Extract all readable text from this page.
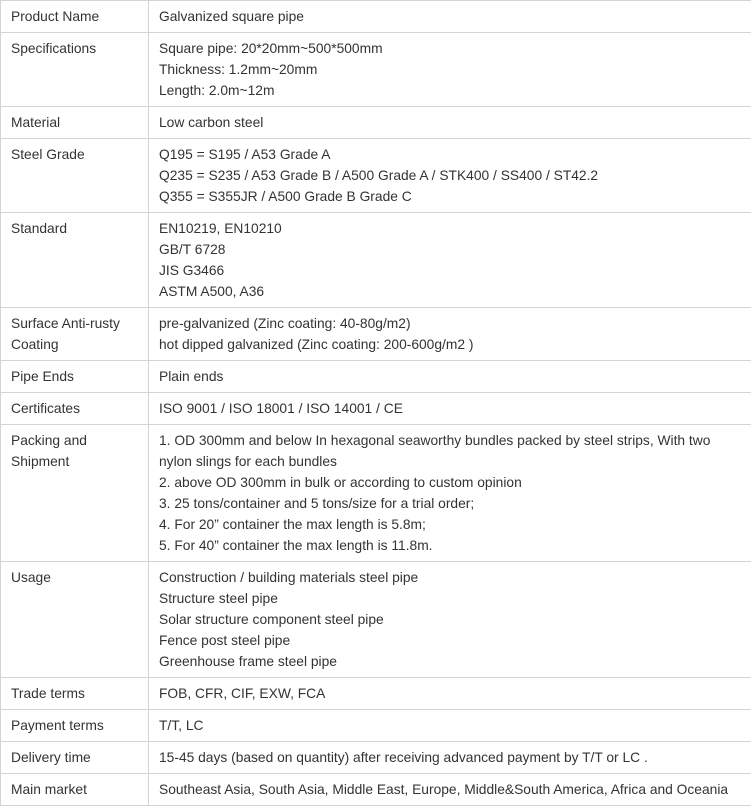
Product Name	Galvanized square pipe

Specifications	Square pipe: 20*20mm~500*500mm
Thickness: 1.2mm~20mm
Length: 2.0m~12m

Material	Low carbon steel

Steel Grade	Q195 = S195 / A53 Grade A
Q235 = S235 / A53 Grade B / A500 Grade A / STK400 / SS400 / ST42.2
Q355 = S355JR / A500 Grade B Grade C

Standard	EN10219, EN10210
GB/T 6728
JIS G3466
ASTM A500, A36

Surface Anti-rusty Coating	pre-galvanized (Zinc coating: 40-80g/m2)
hot dipped galvanized (Zinc coating: 200-600g/m2 )

Pipe Ends	Plain ends

Certificates	ISO 9001 / ISO 18001 / ISO 14001 / CE

Packing and Shipment	1. OD 300mm and below In hexagonal seaworthy bundles packed by steel strips, With two nylon slings for each bundles
2. above OD 300mm in bulk or according to custom opinion
3. 25 tons/container and 5 tons/size for a trial order;
4. For 20” container the max length is 5.8m;
5. For 40” container the max length is 11.8m.

Usage	Construction / building materials steel pipe
Structure steel pipe
Solar structure component steel pipe
Fence post steel pipe
Greenhouse frame steel pipe

Trade terms	FOB, CFR, CIF, EXW, FCA

Payment terms	T/T, LC

Delivery time	15-45 days (based on quantity) after receiving advanced payment by T/T or LC .

Main market	Southeast Asia, South Asia, Middle East, Europe, Middle&South America, Africa and Oceania
